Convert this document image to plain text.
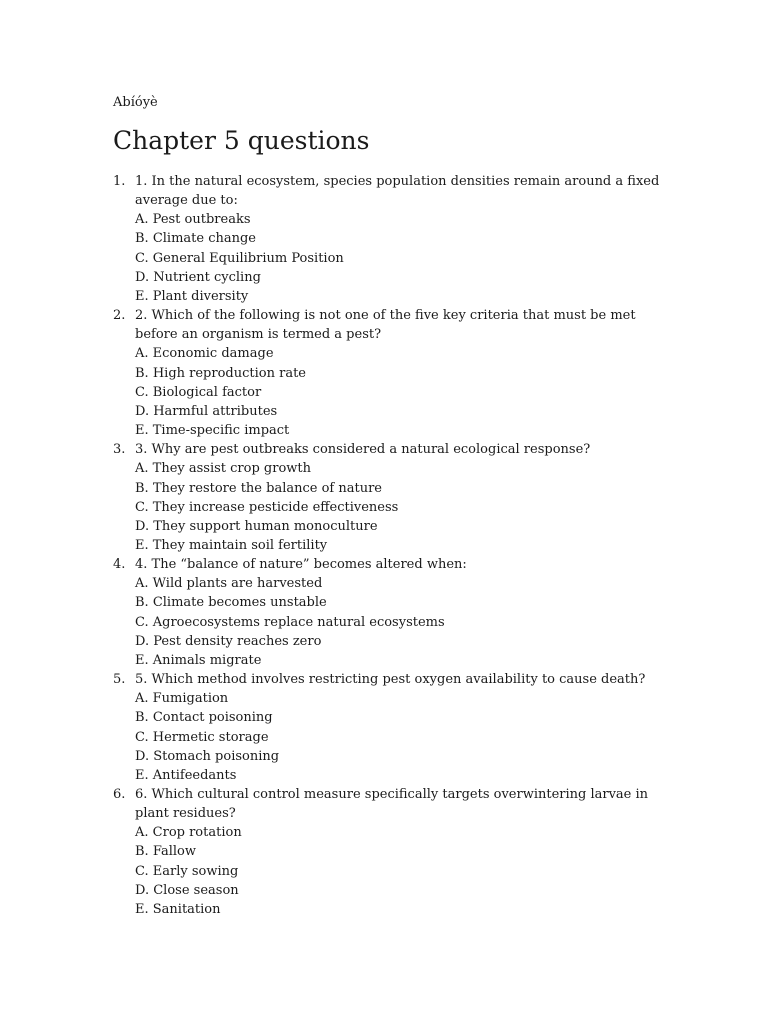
Abíóyè
Chapter 5 questions
1. 1. In the natural ecosystem, species population densities remain around a fixed average due to:
A. Pest outbreaks
B. Climate change
C. General Equilibrium Position
D. Nutrient cycling
E. Plant diversity
2. 2. Which of the following is not one of the five key criteria that must be met before an organism is termed a pest?
A. Economic damage
B. High reproduction rate
C. Biological factor
D. Harmful attributes
E. Time-specific impact
3. 3. Why are pest outbreaks considered a natural ecological response?
A. They assist crop growth
B. They restore the balance of nature
C. They increase pesticide effectiveness
D. They support human monoculture
E. They maintain soil fertility
4. 4. The “balance of nature” becomes altered when:
A. Wild plants are harvested
B. Climate becomes unstable
C. Agroecosystems replace natural ecosystems
D. Pest density reaches zero
E. Animals migrate
5. 5. Which method involves restricting pest oxygen availability to cause death?
A. Fumigation
B. Contact poisoning
C. Hermetic storage
D. Stomach poisoning
E. Antifeedants
6. 6. Which cultural control measure specifically targets overwintering larvae in plant residues?
A. Crop rotation
B. Fallow
C. Early sowing
D. Close season
E. Sanitation
